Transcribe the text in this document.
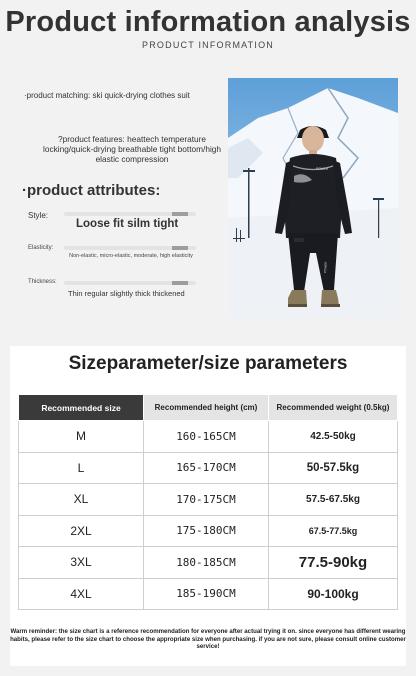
Product information analysis
PRODUCT INFORMATION
·product matching: ski quick-drying clothes suit
?product features: heattech temperature locking/quick-drying breathable tight bottom/high elastic compression
·product attributes:
Style:
Loose fit silm tight
Elasticity:
Non-elastic, micro-elastic, moderate, high elasticity
Thickness:
Thin regular slightly thick thickened
POWER
POWER
Sizeparameter/size parameters
Recommended size	Recommended height (cm)	Recommended weight (0.5kg)
M	160-165CM	42.5-50kg
L	165-170CM	50-57.5kg
XL	170-175CM	57.5-67.5kg
2XL	175-180CM	67.5-77.5kg
3XL	180-185CM	77.5-90kg
4XL	185-190CM	90-100kg
Warm reminder: the size chart is a reference recommendation for everyone after actual trying it on. since everyone has different wearing habits, please refer to the size chart to choose the appropriate size when purchasing. if you are not sure, please consult online customer service!
